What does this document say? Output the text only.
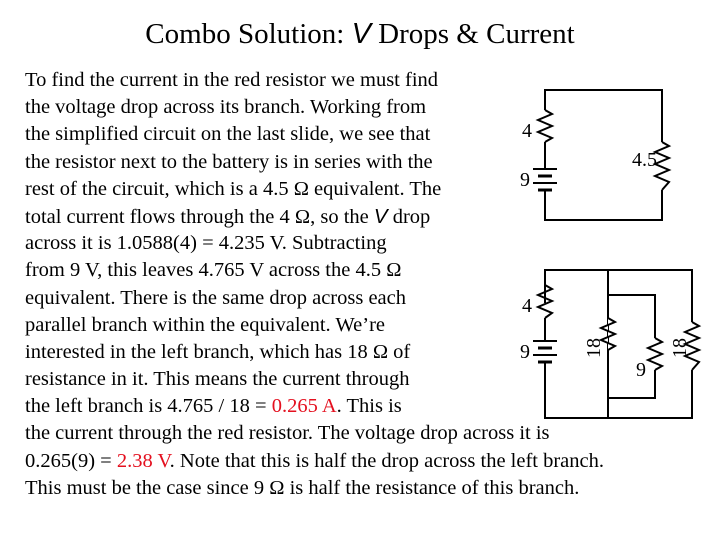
Combo Solution: V Drops & Current
To find the current in the red resistor we must find
the voltage drop across its branch. Working from
the simplified circuit on the last slide, we see that
the resistor next to the battery is in series with the
rest of the circuit, which is a 4.5 Ω equivalent. The
total current flows through the 4 Ω, so the V drop
across it is 1.0588(4) = 4.235 V. Subtracting
from 9 V, this leaves 4.765 V across the 4.5 Ω
equivalent. There is the same drop across each
parallel branch within the equivalent. We’re
interested in the left branch, which has 18 Ω of
resistance in it. This means the current through
the left branch is 4.765 / 18 = 0.265 A. This is
the current through the red resistor. The voltage drop across it is
0.265(9) = 2.38 V. Note that this is half the drop across the left branch.
This must be the case since 9 Ω is half the resistance of this branch.
4
9
4.5
4
9	18
9
18
